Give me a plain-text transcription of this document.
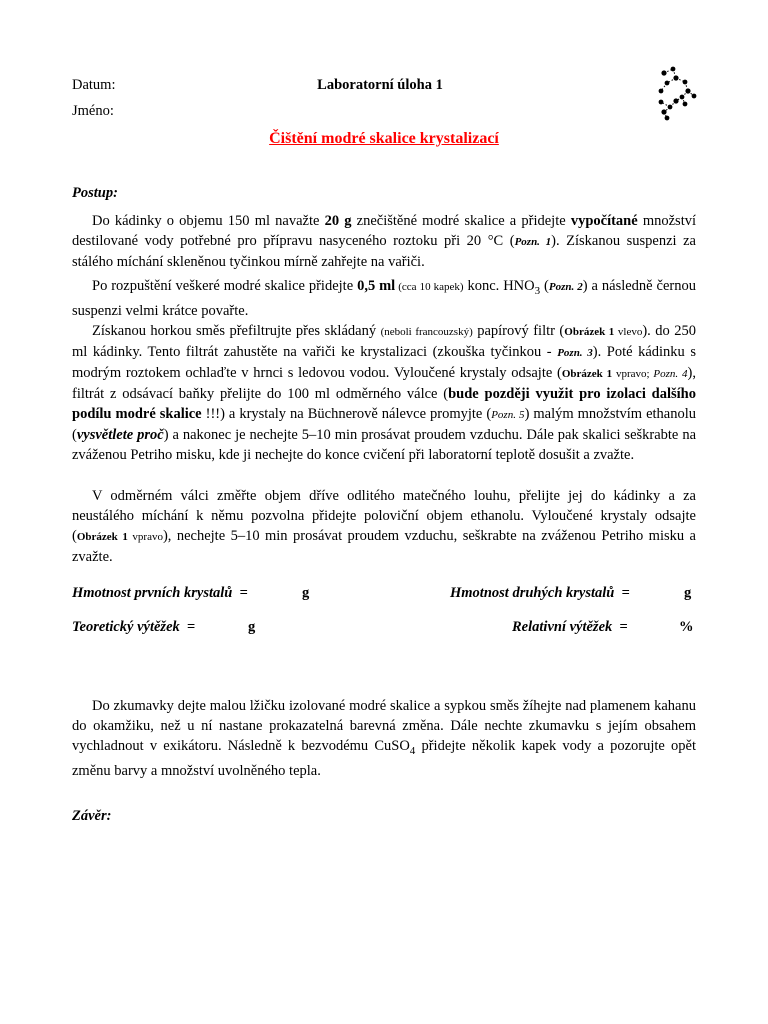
Datum:	Laboratorní úloha 1
Jméno:
Čištění modré skalice krystalizací
Postup:
Do kádinky o objemu 150 ml navažte 20 g znečištěné modré skalice a přidejte vypočítané množství destilované vody potřebné pro přípravu nasyceného roztoku při 20 °C (Pozn. 1). Získanou suspenzi za stálého míchání skleněnou tyčinkou mírně zahřejte na vařiči.
Po rozpuštění veškeré modré skalice přidejte 0,5 ml (cca 10 kapek) konc. $HNO_3$ (Pozn. 2) a následně černou suspenzi velmi krátce povařte.
Získanou horkou směs přefiltrujte přes skládaný (neboli francouzský) papírový filtr (Obrázek 1 vlevo). do 250 ml kádinky. Tento filtrát zahustěte na vařiči ke krystalizaci (zkouška tyčinkou - Pozn. 3). Poté kádinku s modrým roztokem ochlaďte v hrnci s ledovou vodou. Vyloučené krystaly odsajte (Obrázek 1 vpravo; Pozn. 4), filtrát z odsávací baňky přelijte do 100 ml odměrného válce (bude později využit pro izolaci dalšího podílu modré skalice !!!) a krystaly na Büchnerově nálevce promyjte (Pozn. 5) malým množstvím ethanolu (vysvětlete proč) a nakonec je nechejte 5–10 min prosávat proudem vzduchu. Dále pak skalici seškrabte na zváženou Petriho misku, kde ji nechejte do konce cvičení při laboratorní teplotě dosušit a zvažte.
V odměrném válci změřte objem dříve odlitého matečného louhu, přelijte jej do kádinky a za neustálého míchání k němu pozvolna přidejte poloviční objem ethanolu. Vyloučené krystaly odsajte (Obrázek 1 vpravo), nechejte 5–10 min prosávat proudem vzduchu, seškrabte na zváženou Petriho misku a zvažte.
Hmotnost prvních krystalů =	g	Hmotnost druhých krystalů =	g
Teoretický výtěžek =	g	Relativní výtěžek =	%
Do zkumavky dejte malou lžičku izolované modré skalice a sypkou směs žíhejte nad plamenem kahanu do okamžiku, než u ní nastane prokazatelná barevná změna. Dále nechte zkumavku s jejím obsahem vychladnout v exikátoru. Následně k bezvodému CuSO$_4$ přidejte několik kapek vody a pozorujte opět změnu barvy a množství uvolněného tepla.
Závěr:
